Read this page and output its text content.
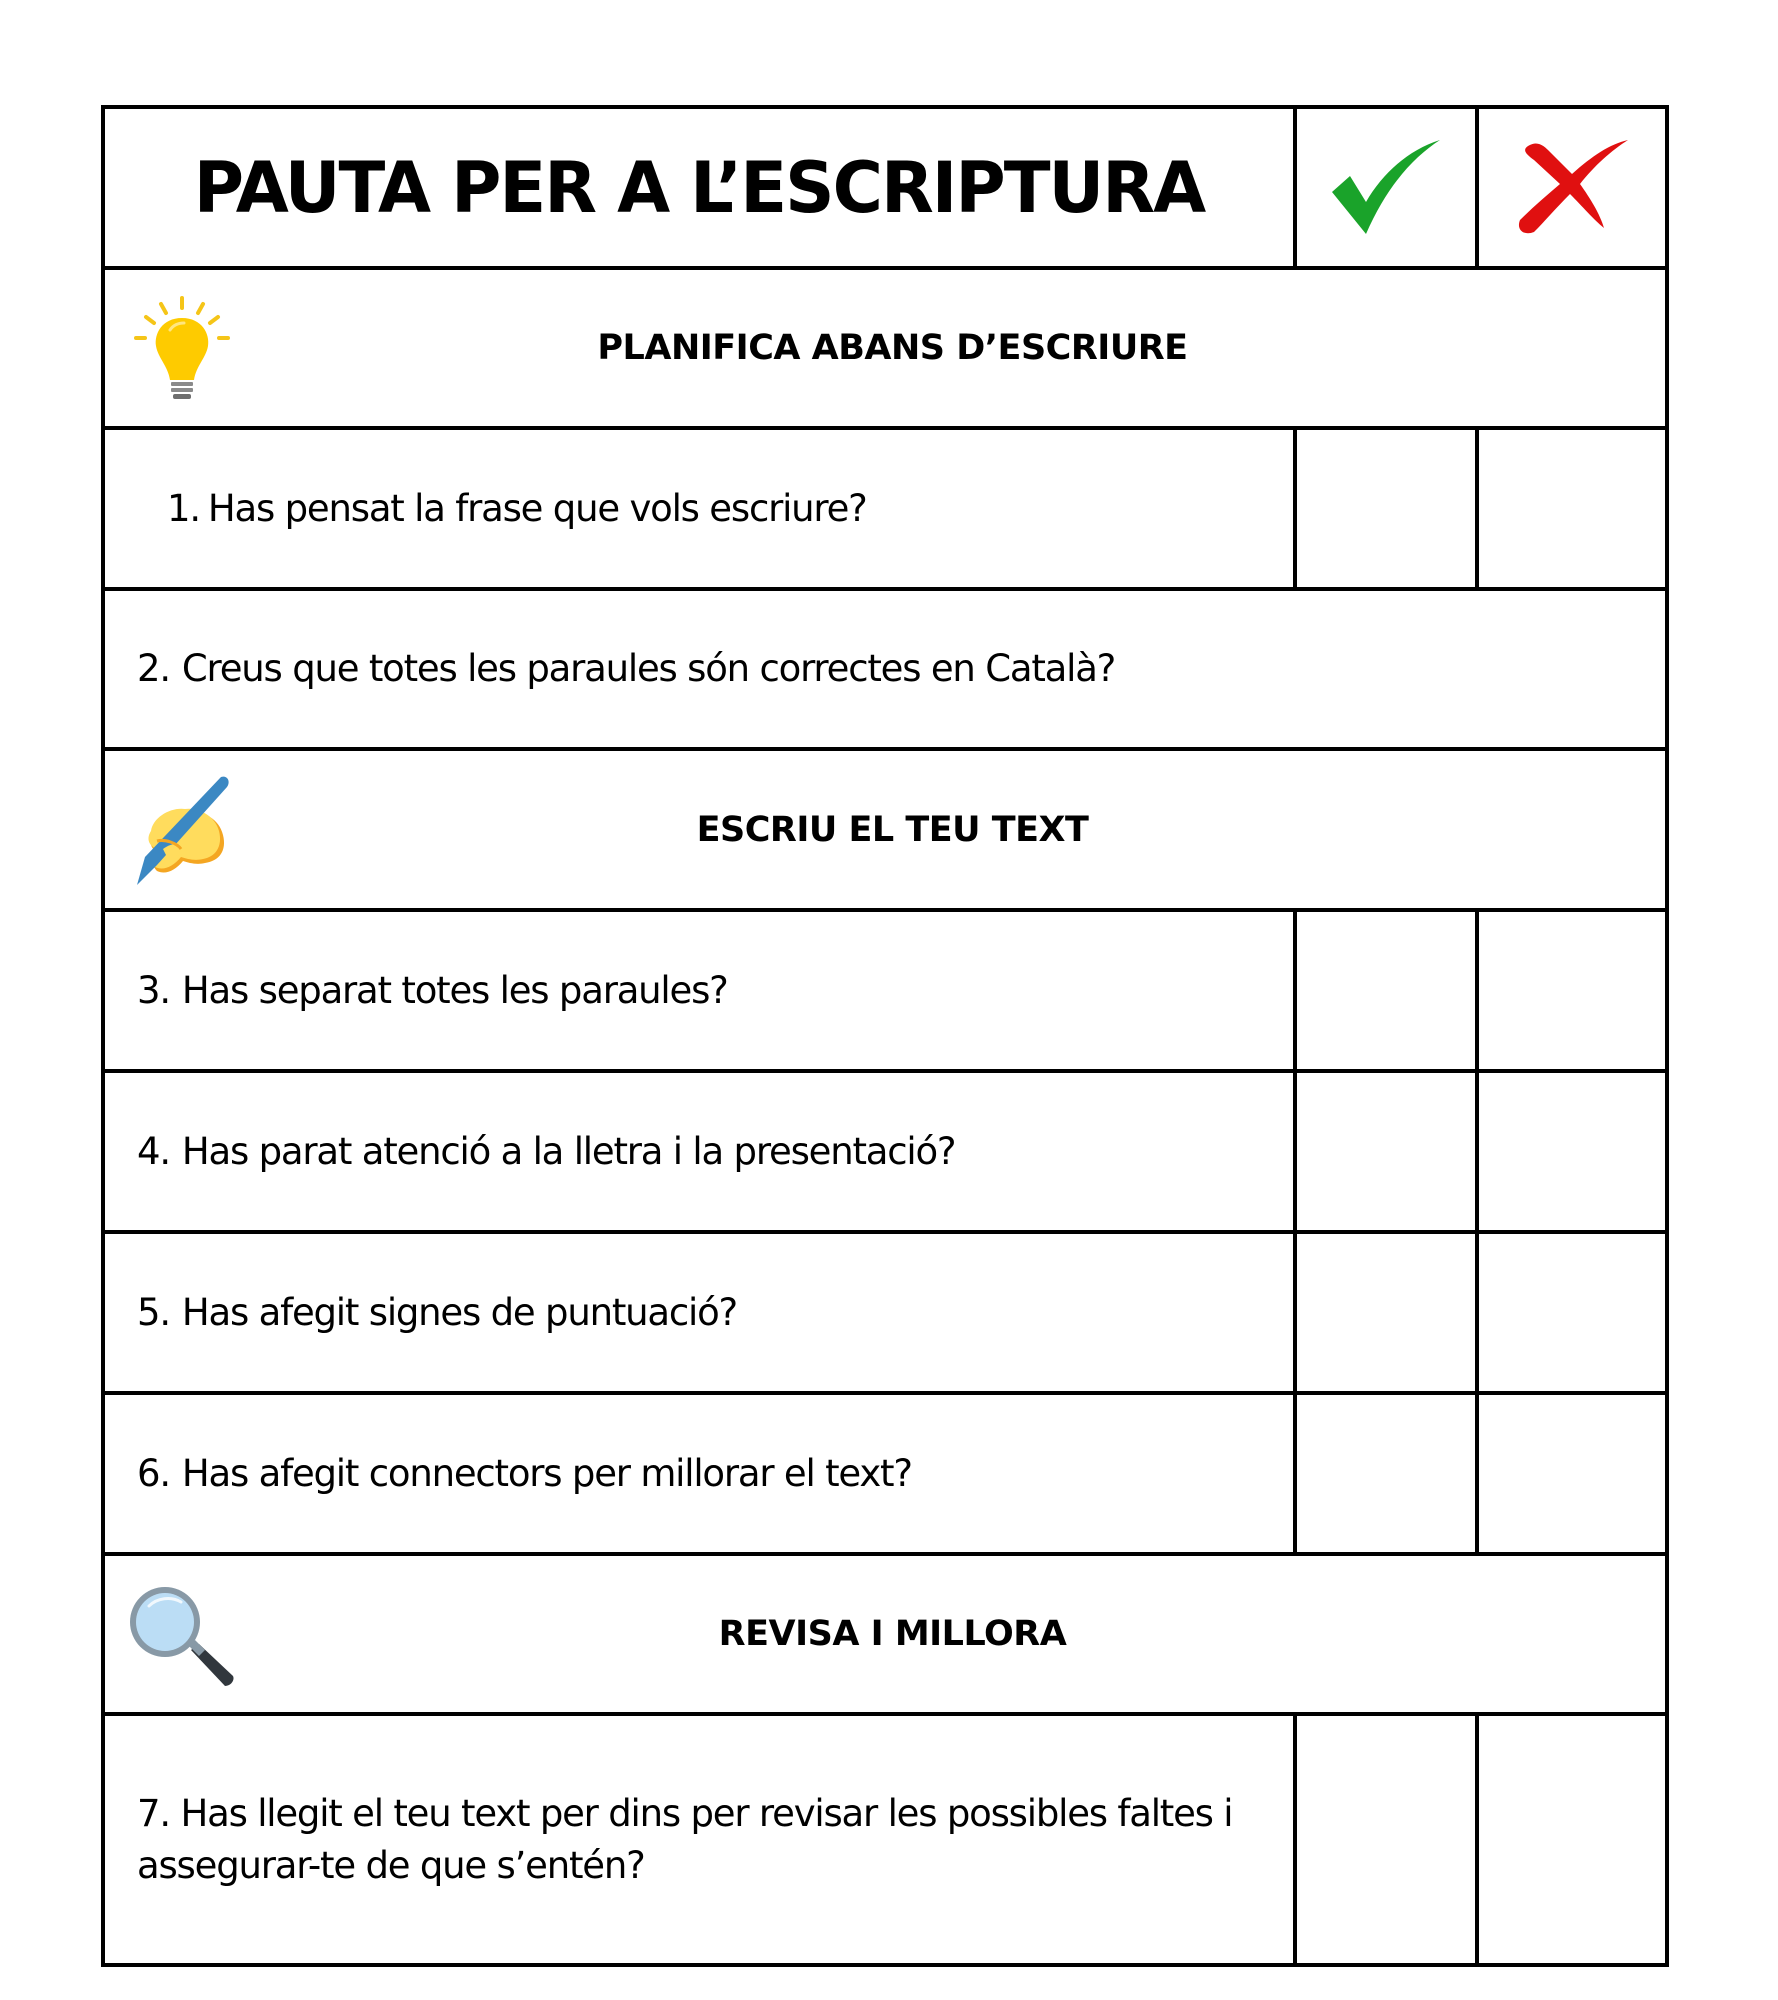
PAUTA PER A L’ESCRIPTURA
PLANIFICA ABANS D’ESCRIURE
1. Has pensat la frase que vols escriure?
2. Creus que totes les paraules són correctes en Català?
ESCRIU EL TEU TEXT
3. Has separat totes les paraules?
4. Has parat atenció a la lletra i la presentació?
5. Has afegit signes de puntuació?
6. Has afegit connectors per millorar el text?
REVISA I MILLORA
7. Has llegit el teu text per dins per revisar les possibles faltes i assegurar-te de que s’entén?
